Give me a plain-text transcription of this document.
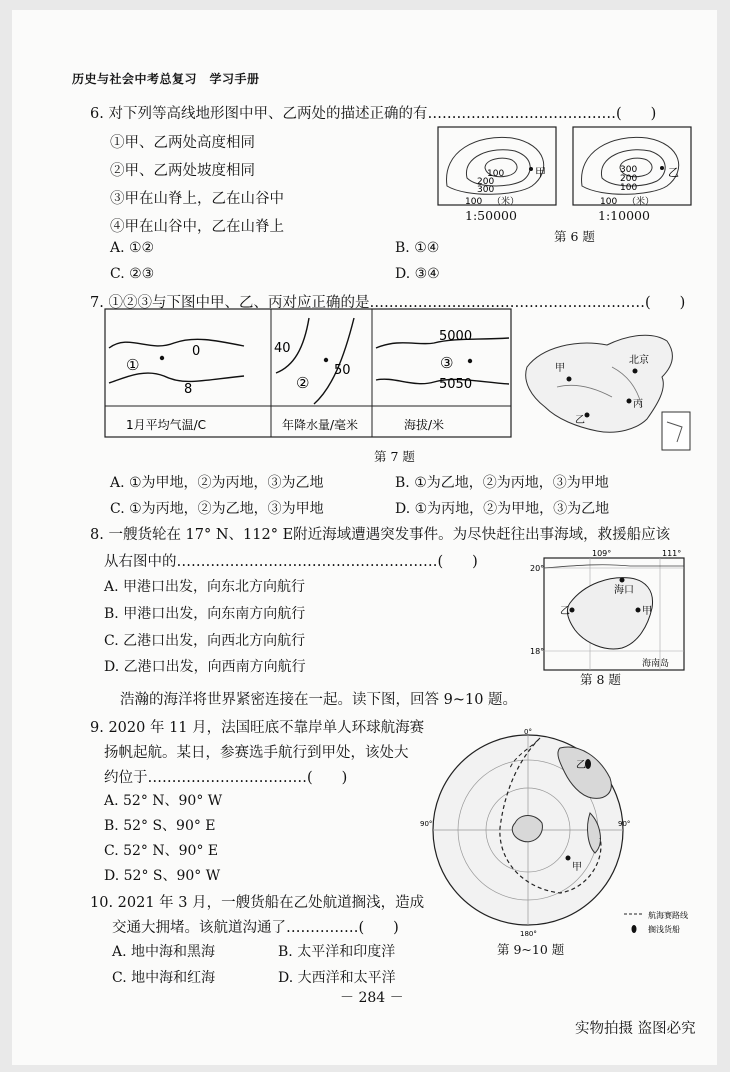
历史与社会中考总复习　学习手册
6. 对下列等高线地形图中甲、乙两处的描述正确的有…………………………………(　　)
①甲、乙两处高度相同
②甲、乙两处坡度相同
③甲在山脊上，乙在山谷中
④甲在山谷中，乙在山脊上
A. ①②	B. ①④
C. ②③	D. ③④
100
200
300
100
甲
（米）
1:50000
300
200
100
100
乙
（米）
1:10000
第 6 题
7. ①②③与下图中甲、乙、丙对应正确的是…………………………………………………(　　)
①
0
8
1月平均气温/C
②
40
50
年降水量/毫米
③
5000
5050
海拔/米
甲
北京
乙
丙
第 7 题
A. ①为甲地，②为丙地，③为乙地	B. ①为乙地，②为丙地，③为甲地
C. ①为丙地，②为乙地，③为甲地	D. ①为丙地，②为甲地，③为乙地
8. 一艘货轮在 17° N、112° E附近海域遭遇突发事件。为尽快赶往出事海域，救援船应该
从右图中的………………………………………………(　　)
A. 甲港口出发，向东北方向航行
B. 甲港口出发，向东南方向航行
C. 乙港口出发，向西北方向航行
D. 乙港口出发，向西南方向航行
109°	111°
20°
海口
乙	甲
18°
海南岛
第 8 题
浩瀚的海洋将世界紧密连接在一起。读下图，回答 9~10 题。
9. 2020 年 11 月，法国旺底不靠岸单人环球航海赛
扬帆起航。某日，参赛选手航行到甲处，该处大
约位于……………………………(　　)
A. 52° N、90° W
B. 52° S、90° E
C. 52° N、90° E
D. 52° S、90° W
10. 2021 年 3 月，一艘货船在乙处航道搁浅，造成
交通大拥堵。该航道沟通了……………(　　)
A. 地中海和黑海	B. 太平洋和印度洋
C. 地中海和红海	D. 大西洋和太平洋
0°
90°	90°
180°
乙
甲
航海赛路线
搁浅货船
第 9~10 题
－ 284 －
实物拍摄 盗图必究
